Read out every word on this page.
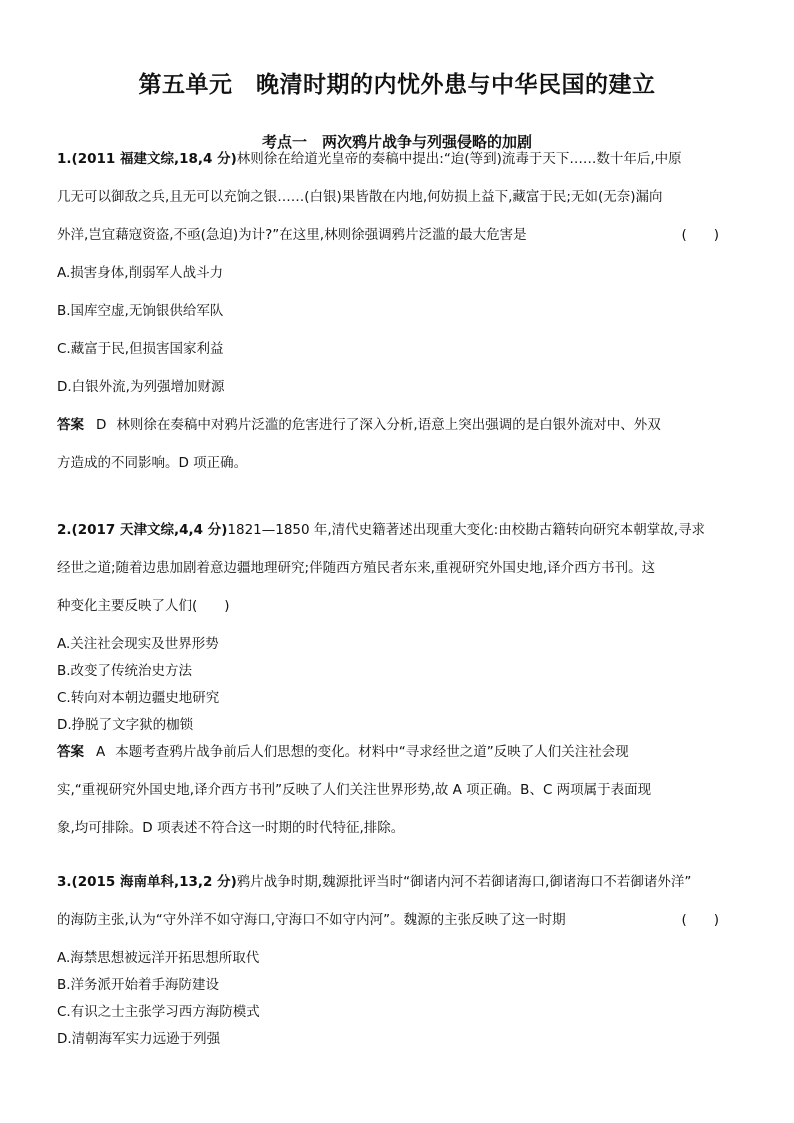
第五单元　晚清时期的内忧外患与中华民国的建立
考点一　两次鸦片战争与列强侵略的加剧
1.(2011 福建文综,18,4 分)林则徐在给道光皇帝的奏稿中提出:“迨(等到)流毒于天下……数十年后,中原
几无可以御敌之兵,且无可以充饷之银……(白银)果皆散在内地,何妨损上益下,藏富于民;无如(无奈)漏向
外洋,岂宜藉寇资盗,不亟(急迫)为计?”在这里,林则徐强调鸦片泛滥的最大危害是	(　　)
A.损害身体,削弱军人战斗力
B.国库空虚,无饷银供给军队
C.藏富于民,但损害国家利益
D.白银外流,为列强增加财源
答案 D 林则徐在奏稿中对鸦片泛滥的危害进行了深入分析,语意上突出强调的是白银外流对中、外双
方造成的不同影响。D 项正确。
2.(2017 天津文综,4,4 分)1821—1850 年,清代史籍著述出现重大变化:由校勘古籍转向研究本朝掌故,寻求
经世之道;随着边患加剧着意边疆地理研究;伴随西方殖民者东来,重视研究外国史地,译介西方书刊。这
种变化主要反映了人们(　　)
A.关注社会现实及世界形势
B.改变了传统治史方法
C.转向对本朝边疆史地研究
D.挣脱了文字狱的枷锁
答案 A 本题考查鸦片战争前后人们思想的变化。材料中“寻求经世之道”反映了人们关注社会现
实,“重视研究外国史地,译介西方书刊”反映了人们关注世界形势,故 A 项正确。B、C 两项属于表面现
象,均可排除。D 项表述不符合这一时期的时代特征,排除。
3.(2015 海南单科,13,2 分)鸦片战争时期,魏源批评当时“御诸内河不若御诸海口,御诸海口不若御诸外洋”
的海防主张,认为“守外洋不如守海口,守海口不如守内河”。魏源的主张反映了这一时期	(　　)
A.海禁思想被远洋开拓思想所取代
B.洋务派开始着手海防建设
C.有识之士主张学习西方海防模式
D.清朝海军实力远逊于列强
